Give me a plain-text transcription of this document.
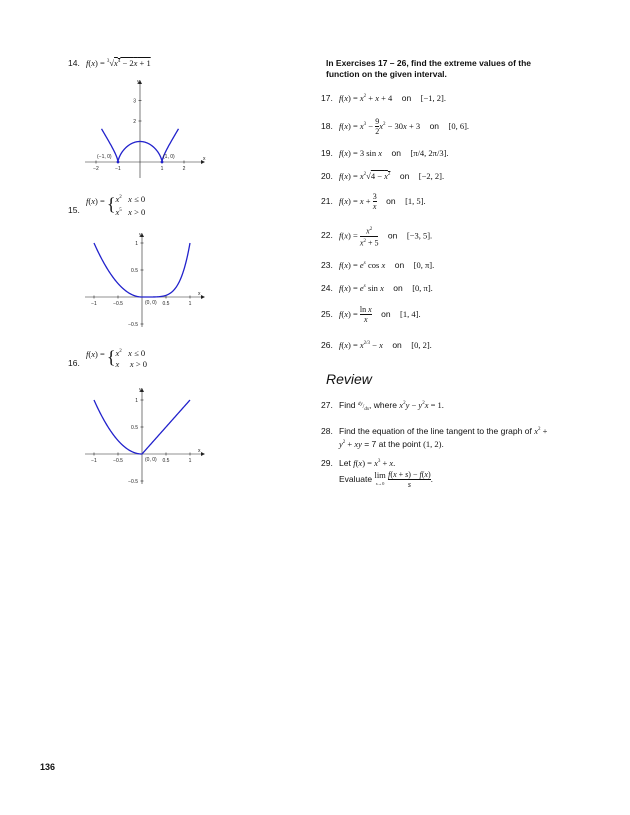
14. $f(x) = ^3√x^4 - 2x + 1$
−2	−1	1	2
2
3
x
y
(−1, 0)	(1, 0)
$15.f(x) = \{x^2$ x ≤ 0
$x^5$ x > 0
−1	−0.5	0.5	1
−0.5
0.5
1
x
y
(0, 0)
$16.f(x) = \{x^2$ x ≤ 0
x x > 0
−1	−0.5	0.5	1
−0.5
0.5
1
x
y
(0, 0)
In Exercises 17 – 26, find the extreme values of the function on the given interval.
17. $f(x) = x^2 + x + 4$ on [−1, 2].
18. $f(x) = x^3 - \frac{9}{2} x^2 - 30x + 3$ on [0, 6].
19. f(x) = 3 sin x on [π/4, 2π/3].
20. $f(x) = x^2√4 - x^2$ on [−2, 2].
21. $f(x) = x + \frac{3}{x}$ on [1, 5].
22. $f(x) = \frac{x^2}{x^2 + 5}$ on [−3, 5].
23. $f(x) = e^x$ cos x on [0, π].
24. $f(x) = e^x$ sin x on [0, π].
25. $f(x) = \frac{\text{ln x}}{x}$ on [1, 4].
26. $f(x) = x^{2/3} - x$ on [0, 2].
Review
27. Find $^{dy}/_{dx}$, where $x^2y - y^2x = 1$.
28. Find the equation of the line tangent to the graph of $x^2$ +
$y^2$ + xy = 7 at the point (1, 2).
29. Let $f(x) = x^3 + x$.
Evaluate lim
$s\to 0 \frac{f(x + s) - f(x)}{s}$ .
136
